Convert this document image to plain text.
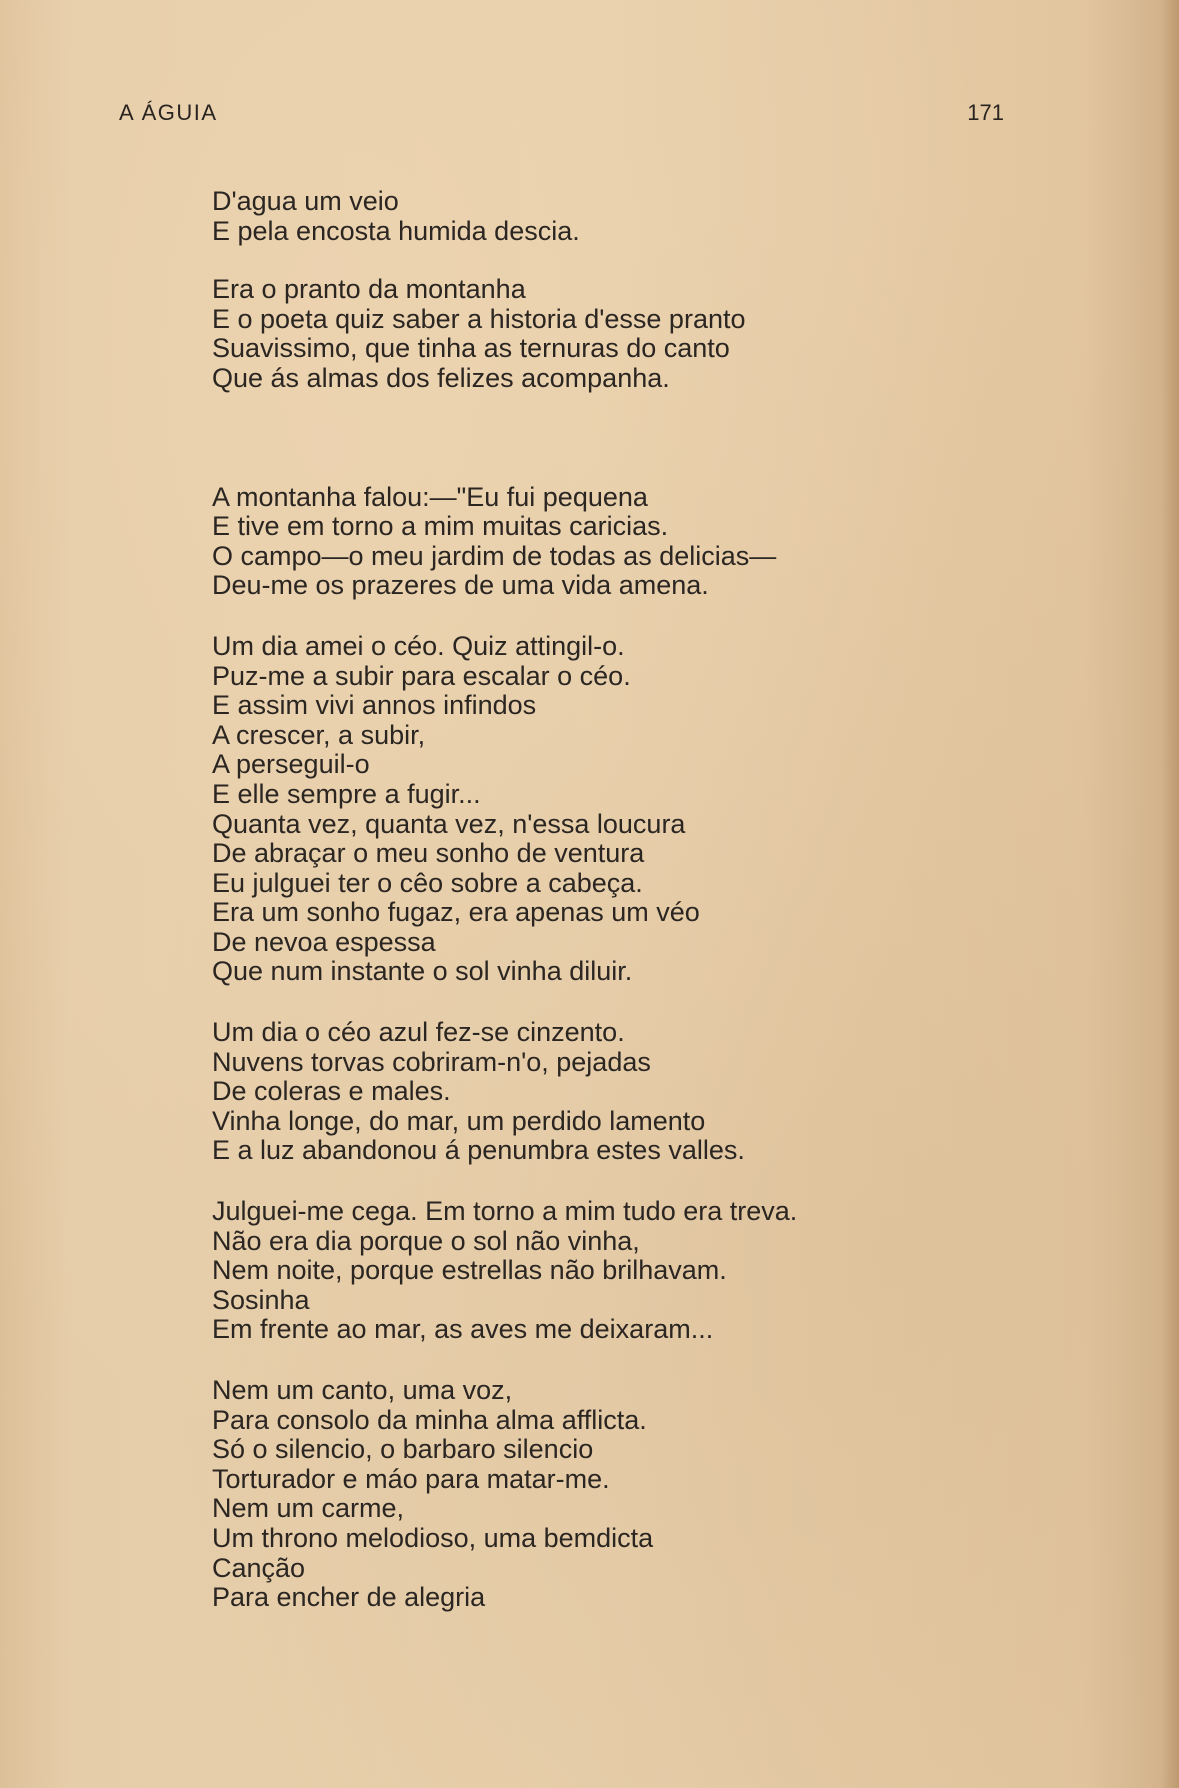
A ÁGUIA	171
D'agua um veio
E pela encosta humida descia.
Era o pranto da montanha
E o poeta quiz saber a historia d'esse pranto
Suavissimo, que tinha as ternuras do canto
Que ás almas dos felizes acompanha.
A montanha falou:—"Eu fui pequena
E tive em torno a mim muitas caricias.
O campo—o meu jardim de todas as delicias—
Deu-me os prazeres de uma vida amena.
Um dia amei o céo. Quiz attingil-o.
Puz-me a subir para escalar o céo.
E assim vivi annos infindos
A crescer, a subir,
A perseguil-o
E elle sempre a fugir...
Quanta vez, quanta vez, n'essa loucura
De abraçar o meu sonho de ventura
Eu julguei ter o cêo sobre a cabeça.
Era um sonho fugaz, era apenas um véo
De nevoa espessa
Que num instante o sol vinha diluir.
Um dia o céo azul fez-se cinzento.
Nuvens torvas cobriram-n'o, pejadas
De coleras e males.
Vinha longe, do mar, um perdido lamento
E a luz abandonou á penumbra estes valles.
Julguei-me cega. Em torno a mim tudo era treva.
Não era dia porque o sol não vinha,
Nem noite, porque estrellas não brilhavam.
Sosinha
Em frente ao mar, as aves me deixaram...
Nem um canto, uma voz,
Para consolo da minha alma afflicta.
Só o silencio, o barbaro silencio
Torturador e máo para matar-me.
Nem um carme,
Um throno melodioso, uma bemdicta
Canção
Para encher de alegria
